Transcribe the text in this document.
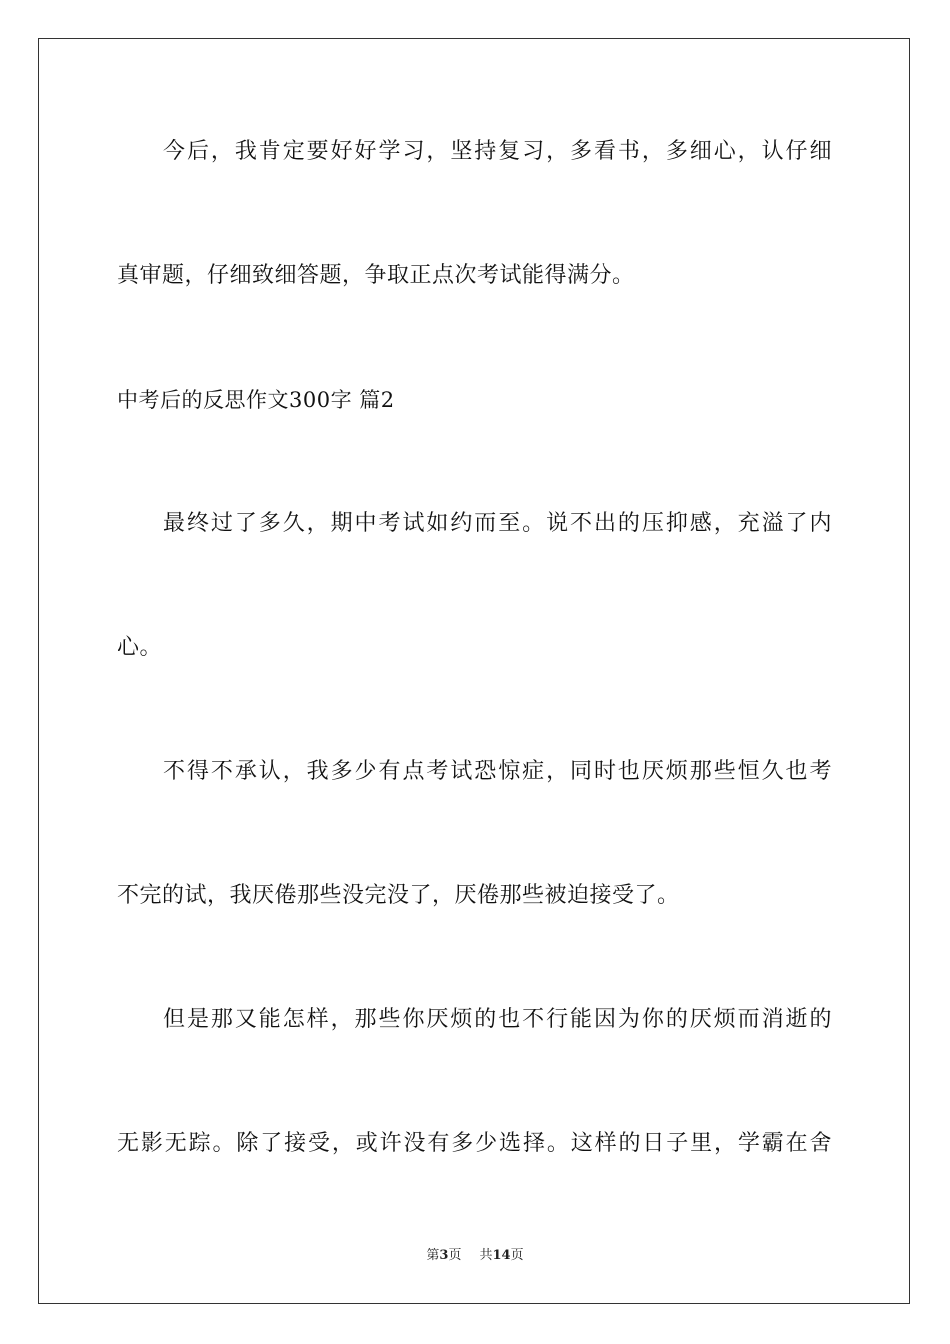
今后，我肯定要好好学习，坚持复习，多看书，多细心，认仔细
真审题，仔细致细答题，争取正点次考试能得满分。
中考后的反思作文300字 篇2
最终过了多久，期中考试如约而至。说不出的压抑感，充溢了内
心。
不得不承认，我多少有点考试恐惊症，同时也厌烦那些恒久也考
不完的试，我厌倦那些没完没了，厌倦那些被迫接受了。
但是那又能怎样，那些你厌烦的也不行能因为你的厌烦而消逝的
无影无踪。除了接受，或许没有多少选择。这样的日子里，学霸在舍
第3页 共14页
